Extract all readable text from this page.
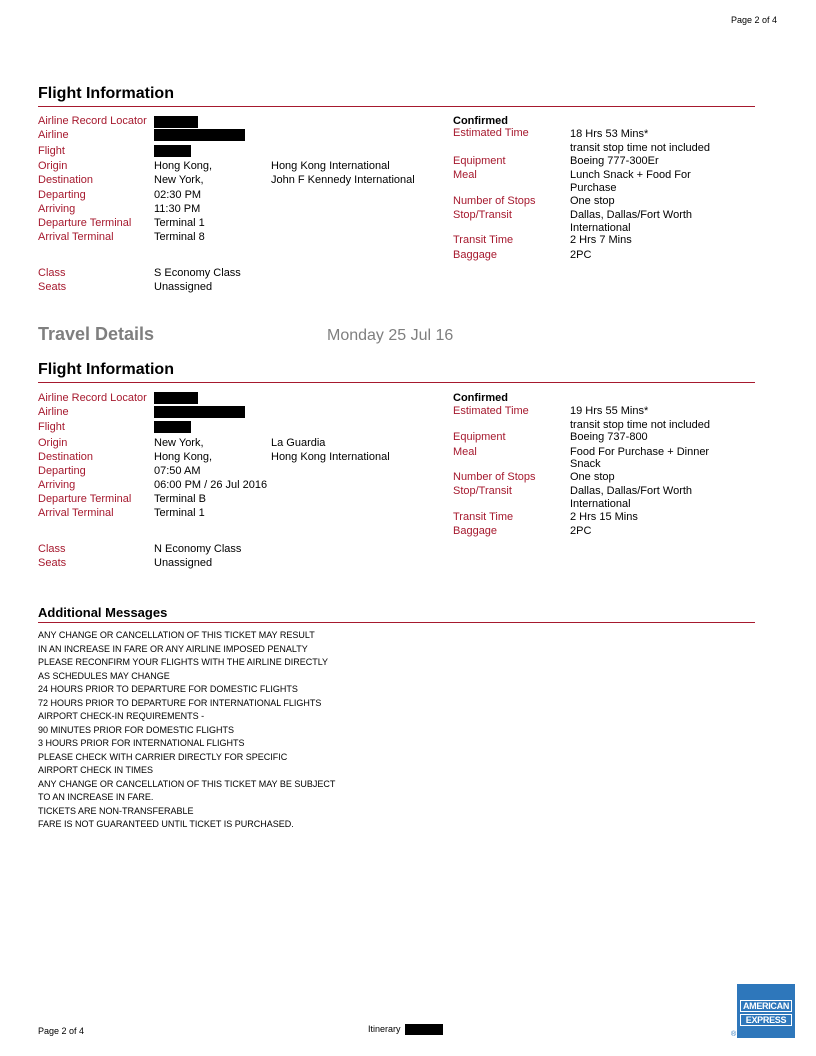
Page 2 of 4
Flight Information
Airline Record Locator
Airline
Flight
Origin	Hong Kong,	Hong Kong International
Destination	New York,	John F Kennedy International
Departing	02:30 PM
Arriving	11:30 PM
Departure Terminal Terminal 1
Arrival Terminal	Terminal 8
Class	S Economy Class
Seats	Unassigned
Confirmed
Estimated Time	18 Hrs 53 Mins*
transit stop time not included
Equipment	Boeing 777-300Er
Meal	Lunch Snack + Food For
Purchase
Number of Stops	One stop
Stop/Transit	Dallas, Dallas/Fort Worth
International
Transit Time	2 Hrs 7 Mins
Baggage	2PC
Travel Details	Monday 25 Jul 16
Flight Information
Airline Record Locator
Airline
Flight
Origin	New York,	La Guardia
Destination	Hong Kong,	Hong Kong International
Departing	07:50 AM
Arriving	06:00 PM / 26 Jul 2016
Departure Terminal Terminal B
Arrival Terminal	Terminal 1
Class	N Economy Class
Seats	Unassigned
Confirmed
Estimated Time	19 Hrs 55 Mins*
transit stop time not included
Equipment	Boeing 737-800
Meal	Food For Purchase + Dinner
Snack
Number of Stops	One stop
Stop/Transit	Dallas, Dallas/Fort Worth
International
Transit Time	2 Hrs 15 Mins
Baggage	2PC
Additional Messages
ANY CHANGE OR CANCELLATION OF THIS TICKET MAY RESULT
IN AN INCREASE IN FARE OR ANY AIRLINE IMPOSED PENALTY
PLEASE RECONFIRM YOUR FLIGHTS WITH THE AIRLINE DIRECTLY
AS SCHEDULES MAY CHANGE
24 HOURS PRIOR TO DEPARTURE FOR DOMESTIC FLIGHTS
72 HOURS PRIOR TO DEPARTURE FOR INTERNATIONAL FLIGHTS
AIRPORT CHECK-IN REQUIREMENTS -
90 MINUTES PRIOR FOR DOMESTIC FLIGHTS
3 HOURS PRIOR FOR INTERNATIONAL FLIGHTS
PLEASE CHECK WITH CARRIER DIRECTLY FOR SPECIFIC
AIRPORT CHECK IN TIMES
ANY CHANGE OR CANCELLATION OF THIS TICKET MAY BE SUBJECT
TO AN INCREASE IN FARE.
TICKETS ARE NON-TRANSFERABLE
FARE IS NOT GUARANTEED UNTIL TICKET IS PURCHASED.
Page 2 of 4	Itinerary
AMERICAN
EXPRESS
®
